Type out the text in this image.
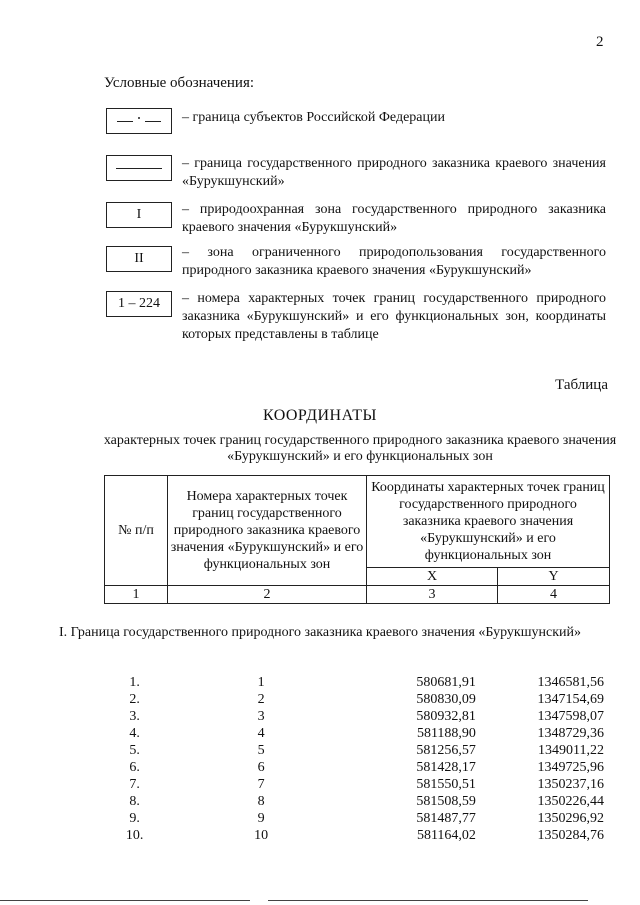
2
Условные обозначения:
– граница субъектов Российской Федерации
– граница государственного природного заказника краевого значения «Бурукшунский»
I	– природоохранная зона государственного природного заказника краевого значения «Бурукшунский»
II	– зона ограниченного природопользования государственного природного заказника краевого значения «Бурукшунский»
1 – 224 – номера характерных точек границ государственного природного заказника «Бурукшунский» и его функциональных зон, координаты которых представлены в таблице
Таблица
КООРДИНАТЫ
характерных точек границ государственного природного заказника краевого значения «Бурукшунский» и его функциональных зон
№ п/п	Номера характерных точек границ государственного природного заказника краевого значения «Бурукшунский» и его функциональных зон	Координаты характерных точек границ государственного природного заказника краевого значения «Бурукшунский» и его функциональных зон	
		X	Y
1	2	3	4
I. Граница государственного природного заказника краевого значения «Бурукшунский»
1.	1	580681,91	1346581,56
2.	2	580830,09	1347154,69
3.	3	580932,81	1347598,07
4.	4	581188,90	1348729,36
5.	5	581256,57	1349011,22
6.	6	581428,17	1349725,96
7.	7	581550,51	1350237,16
8.	8	581508,59	1350226,44
9.	9	581487,77	1350296,92
10.	10	581164,02	1350284,76
